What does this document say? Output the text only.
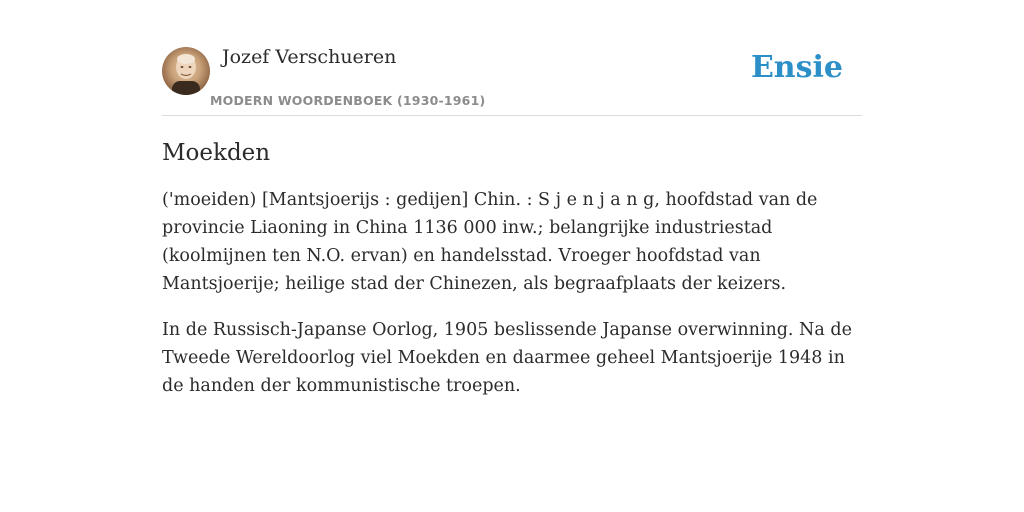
Jozef Verschueren
MODERN WOORDENBOEK (1930-1961)
Ensie
Moekden

('moeiden) [Mantsjoerijs : gedijen] Chin. : S j e n j a n g, hoofdstad van de provincie Liaoning in China 1136 000 inw.; belangrijke industriestad (koolmijnen ten N.O. ervan) en handelsstad. Vroeger hoofdstad van Mantsjoerije; heilige stad der Chinezen, als begraafplaats der keizers.

In de Russisch-Japanse Oorlog, 1905 beslissende Japanse overwinning. Na de Tweede Wereldoorlog viel Moekden en daarmee geheel Mantsjoerije 1948 in de handen der kommunistische troepen.
